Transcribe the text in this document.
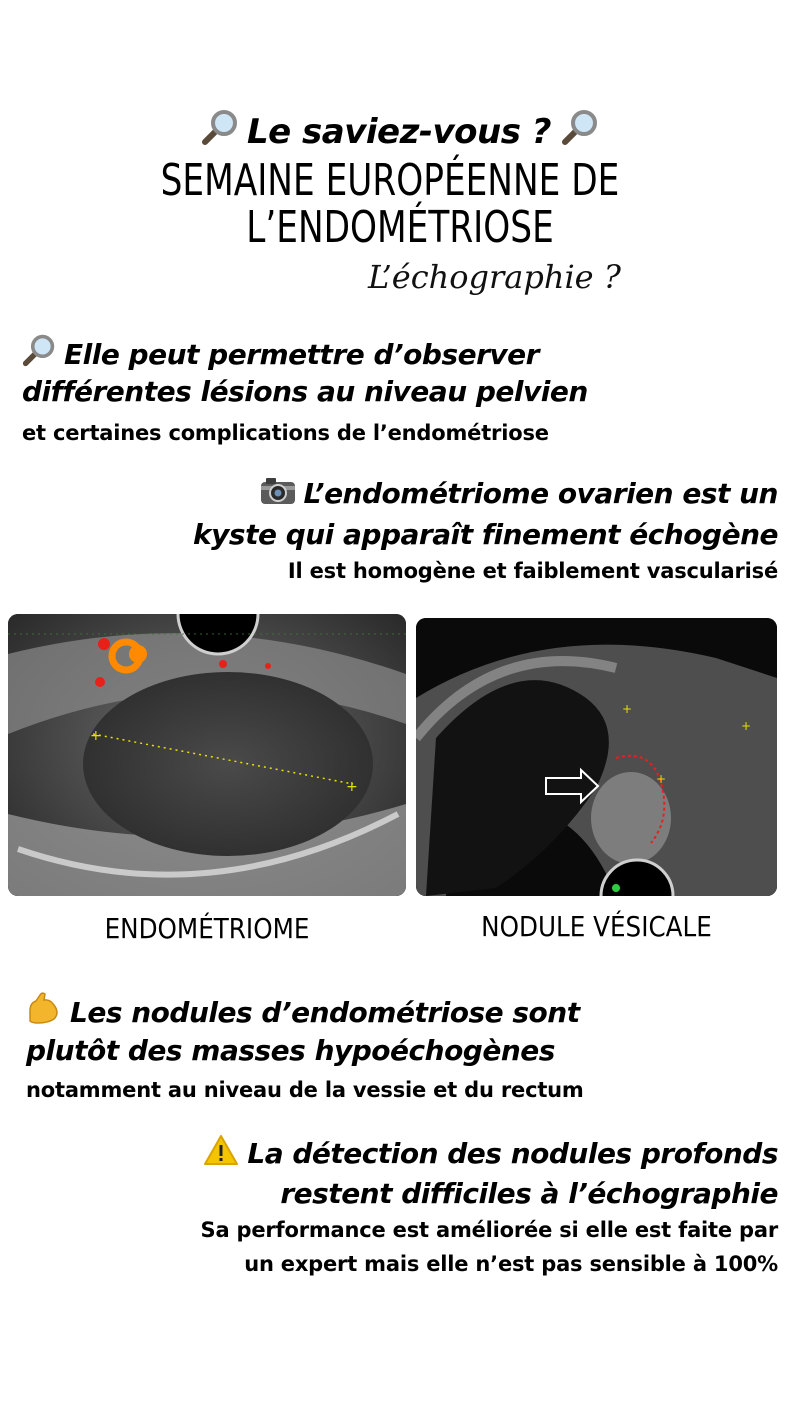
Le saviez-vous ?
SEMAINE EUROPÉENNE DE
L’ENDOMÉTRIOSE
L’échographie ?
Elle peut permettre d’observer
différentes lésions au niveau pelvien
et certaines complications de l’endométriose
L’endométriome ovarien est un
kyste qui apparaît finement échogène
Il est homogène et faiblement vascularisé
+
+
+
+
+
ENDOMÉTRIOME	NODULE VÉSICALE
Les nodules d’endométriose sont
plutôt des masses hypoéchogènes
notamment au niveau de la vessie et du rectum
La détection des nodules profonds
restent difficiles à l’échographie
Sa performance est améliorée si elle est faite par
un expert mais elle n’est pas sensible à 100%
